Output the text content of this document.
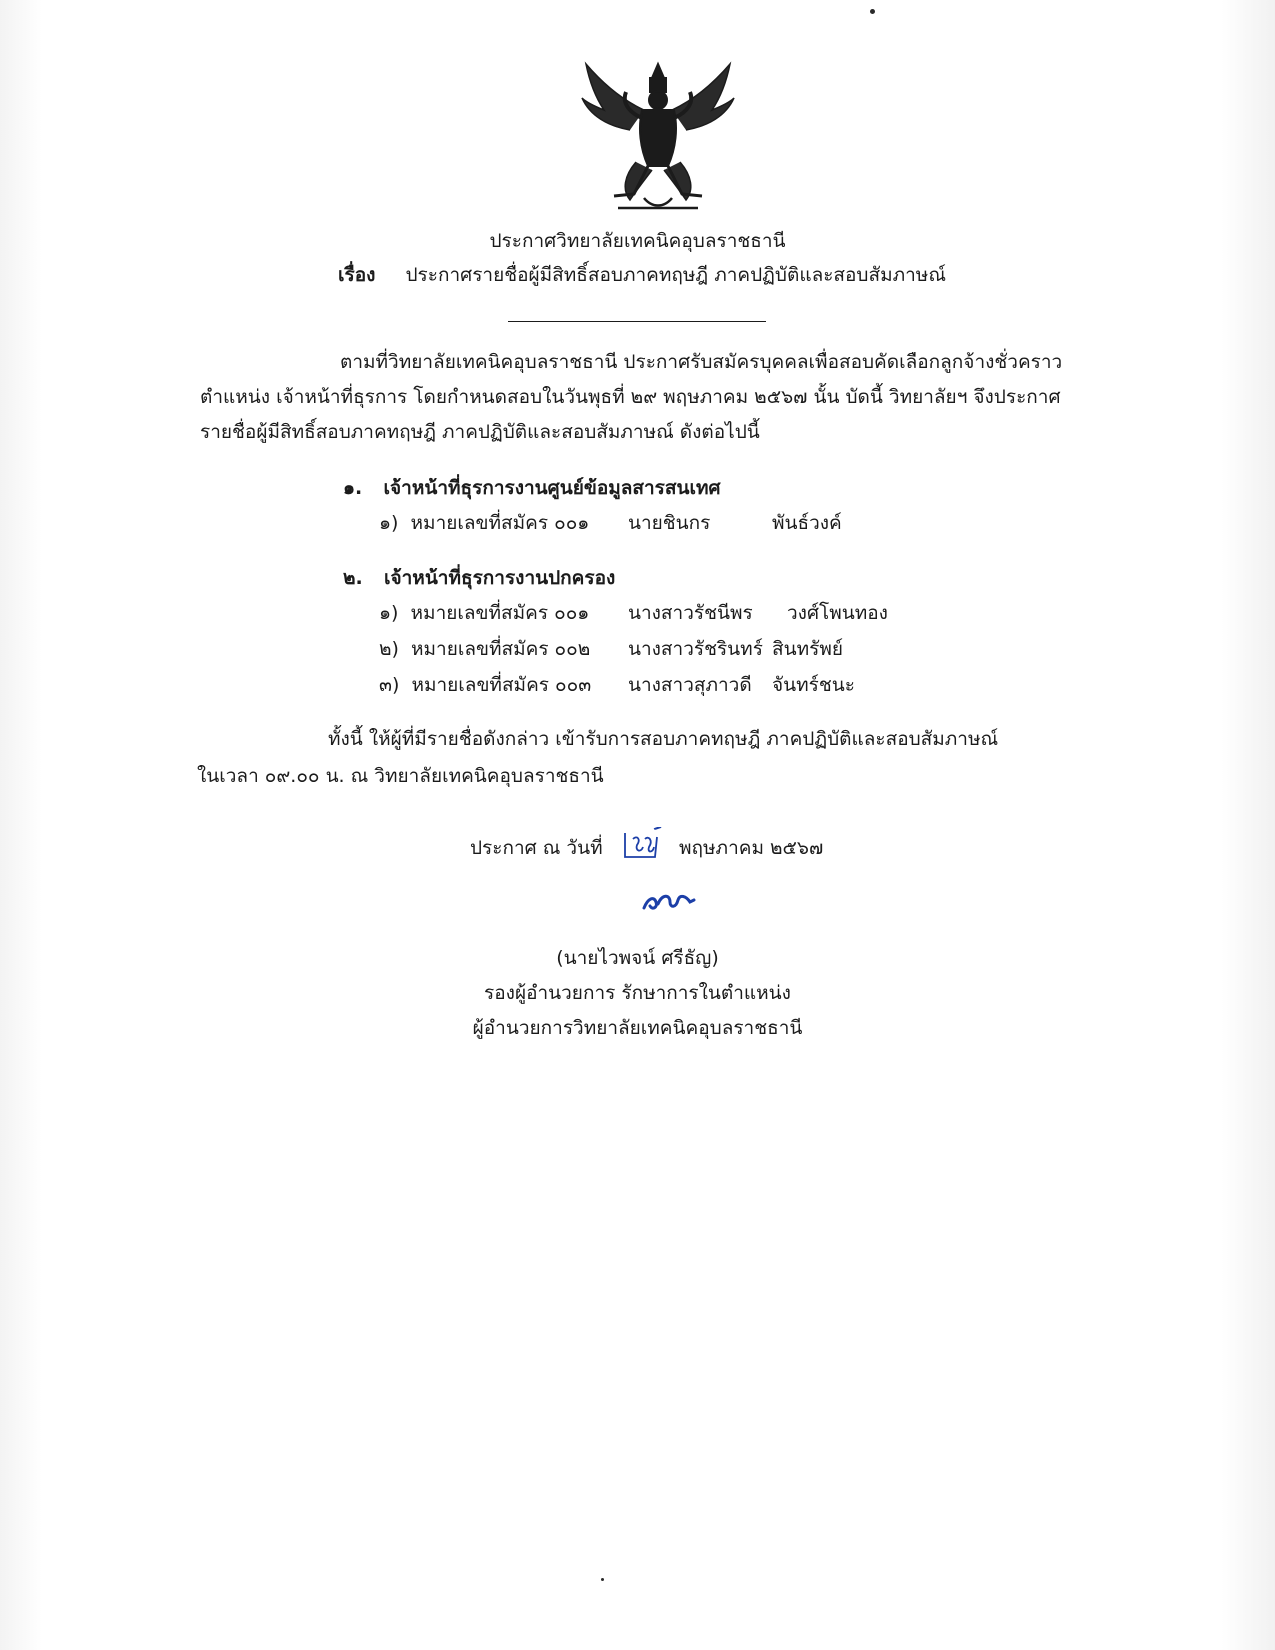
ประกาศวิทยาลัยเทคนิคอุบลราชธานี
เรื่อง ประกาศรายชื่อผู้มีสิทธิ์สอบภาคทฤษฎี ภาคปฏิบัติและสอบสัมภาษณ์
ตามที่วิทยาลัยเทคนิคอุบลราชธานี ประกาศรับสมัครบุคคลเพื่อสอบคัดเลือกลูกจ้างชั่วคราว
ตำแหน่ง เจ้าหน้าที่ธุรการ โดยกำหนดสอบในวันพุธที่ ๒๙ พฤษภาคม ๒๕๖๗ นั้น บัดนี้ วิทยาลัยฯ จึงประกาศ
รายชื่อผู้มีสิทธิ์สอบภาคทฤษฎี ภาคปฏิบัติและสอบสัมภาษณ์ ดังต่อไปนี้
๑. เจ้าหน้าที่ธุรการงานศูนย์ข้อมูลสารสนเทศ
๑) หมายเลขที่สมัคร ๐๐๑ นายชินกร	พันธ์วงค์
๒. เจ้าหน้าที่ธุรการงานปกครอง
๑) หมายเลขที่สมัคร ๐๐๑ นางสาวรัชนีพร วงศ์โพนทอง
๒) หมายเลขที่สมัคร ๐๐๒ นางสาวรัชรินทร์ สินทรัพย์
๓) หมายเลขที่สมัคร ๐๐๓ นางสาวสุภาวดี จันทร์ชนะ
ทั้งนี้ ให้ผู้ที่มีรายชื่อดังกล่าว เข้ารับการสอบภาคทฤษฎี ภาคปฏิบัติและสอบสัมภาษณ์
ในเวลา ๐๙.๐๐ น. ณ วิทยาลัยเทคนิคอุบลราชธานี
ประกาศ ณ วันที่	พฤษภาคม ๒๕๖๗
(นายไวพจน์ ศรีธัญ)
รองผู้อำนวยการ รักษาการในตำแหน่ง
ผู้อำนวยการวิทยาลัยเทคนิคอุบลราชธานี
